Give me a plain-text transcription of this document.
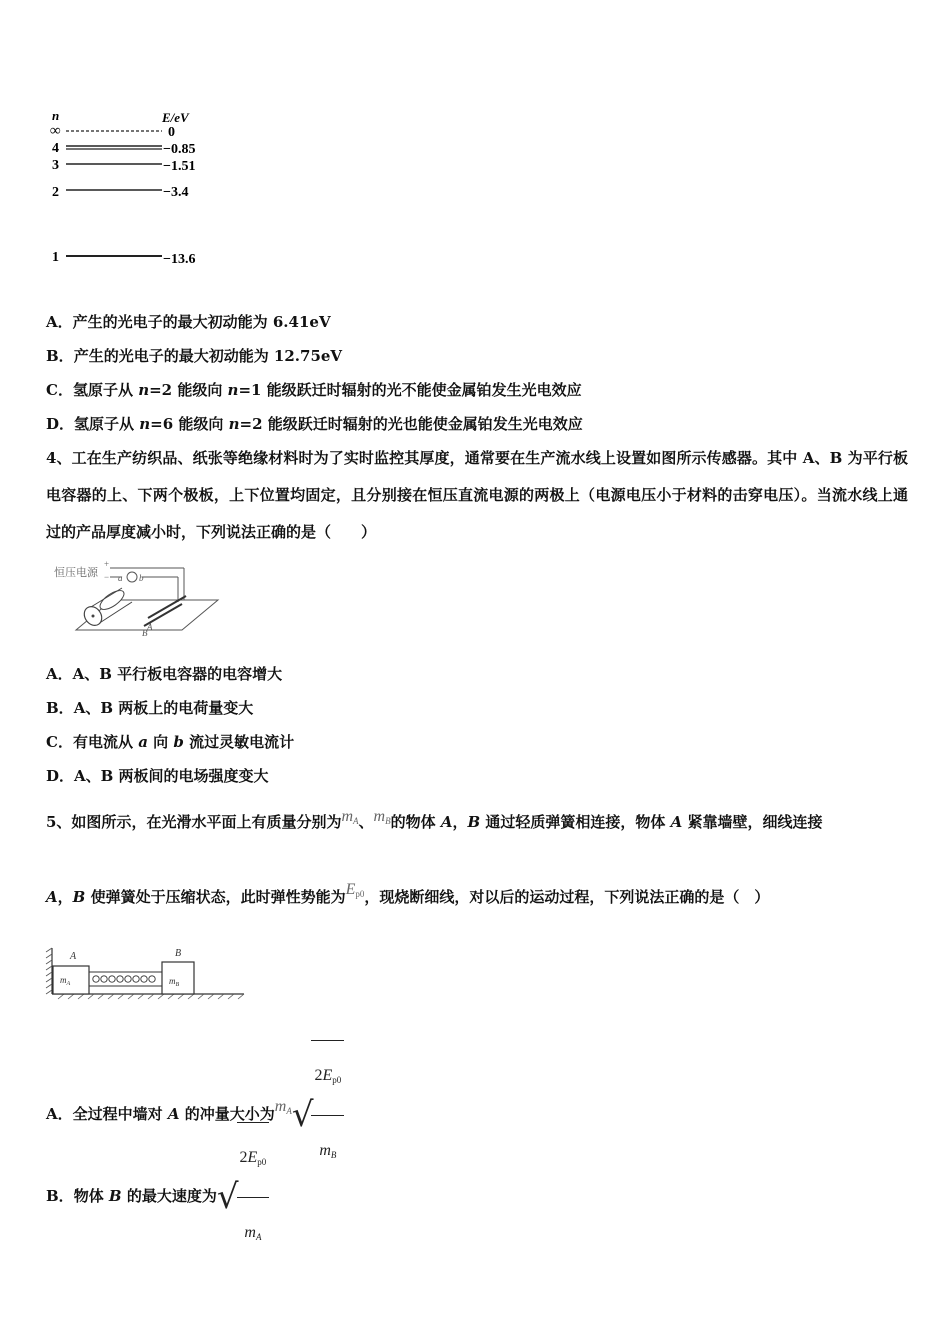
n	E/eV
∞	0
4	−0.85
3	−1.51
2	−3.4
1	−13.6
A．产生的光电子的最大初动能为 6.41eV
B．产生的光电子的最大初动能为 12.75eV
C．氢原子从 n=2 能级向 n=1 能级跃迁时辐射的光不能使金属铂发生光电效应
D．氢原子从 n=6 能级向 n=2 能级跃迁时辐射的光也能使金属铂发生光电效应
4、工在生产纺织品、纸张等绝缘材料时为了实时监控其厚度，通常要在生产流水线上设置如图所示传感器。其中 A、B 为平行板电容器的上、下两个极板，上下位置均固定，且分别接在恒压直流电源的两极上（电源电压小于材料的击穿电压）。当流水线上通过的产品厚度减小时，下列说法正确的是（　　）
恒压电源
+
− a b
A
B
A．A、B 平行板电容器的电容增大
B．A、B 两板上的电荷量变大
C．有电流从 a 向 b 流过灵敏电流计
D．A、B 两板间的电场强度变大
5、如图所示，在光滑水平面上有质量分别为$m_A$、$m_B$的物体 A，B 通过轻质弹簧相连接，物体 A 紧靠墙壁，细线连接
A，B 使弹簧处于压缩状态，此时弹性势能为$E_{p0}$，现烧断细线，对以后的运动过程，下列说法正确的是（　）
A	B
$m_A$	$m_B$
A．全过程中墙对 A 的冲量大小为$m_A√$
$\frac{2E_{p0}}{m_B}$
B．物体 B 的最大速度为√
$\frac{2E_{p0}}{m_A}$
